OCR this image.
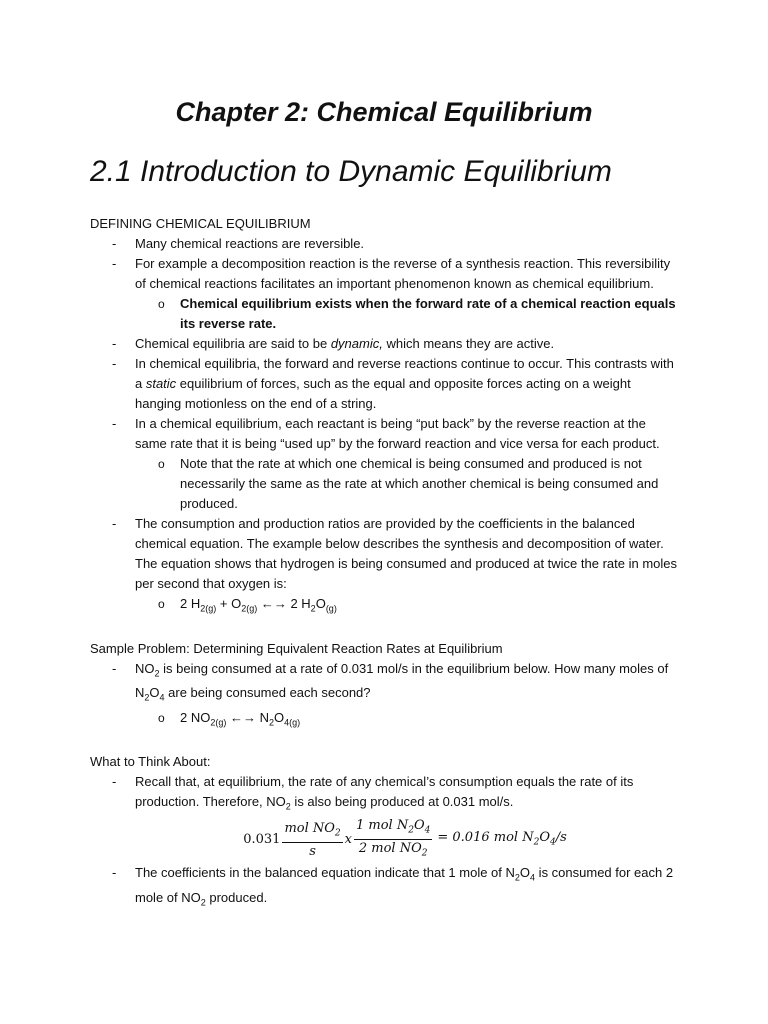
Chapter 2: Chemical Equilibrium
2.1 Introduction to Dynamic Equilibrium

DEFINING CHEMICAL EQUILIBRIUM

- Many chemical reactions are reversible.
- For example a decomposition reaction is the reverse of a synthesis reaction. This reversibility of chemical reactions facilitates an important phenomenon known as chemical equilibrium.
o Chemical equilibrium exists when the forward rate of a chemical reaction equals its reverse rate.
- Chemical equilibria are said to be dynamic, which means they are active.
- In chemical equilibria, the forward and reverse reactions continue to occur. This contrasts with a static equilibrium of forces, such as the equal and opposite forces acting on a weight hanging motionless on the end of a string.
- In a chemical equilibrium, each reactant is being “put back” by the reverse reaction at the same rate that it is being “used up” by the forward reaction and vice versa for each product.
o Note that the rate at which one chemical is being consumed and produced is not necessarily the same as the rate at which another chemical is being consumed and produced.
- The consumption and production ratios are provided by the coefficients in the balanced chemical equation. The example below describes the synthesis and decomposition of water. The equation shows that hydrogen is being consumed and produced at twice the rate in moles per second that oxygen is:
o 2 $H_{2(g)} + O_{2(g)}$ ←→ 2 $H_2O_{(g)}$

Sample Problem: Determining Equivalent Reaction Rates at Equilibrium

- $NO_2$ is being consumed at a rate of 0.031 mol/s in the equilibrium below. How many moles of $N_2O_4$ are being consumed each second?
o 2 $NO_{2(g)}$ ←→ $N_2O_{4(g)}$

What to Think About:

- Recall that, at equilibrium, the rate of any chemical’s consumption equals the rate of its production. Therefore, $NO_2$ is also being produced at 0.031 mol/s.
$0.031 \frac{mol NO_2}{s}$ x $\frac{1 mol N_2O_4}{2 mol NO_2} = 0.016$ mol $N_2O_4/s$
- The coefficients in the balanced equation indicate that 1 mole of $N_2O_4$ is consumed for each 2 mole of $NO_2$ produced.
